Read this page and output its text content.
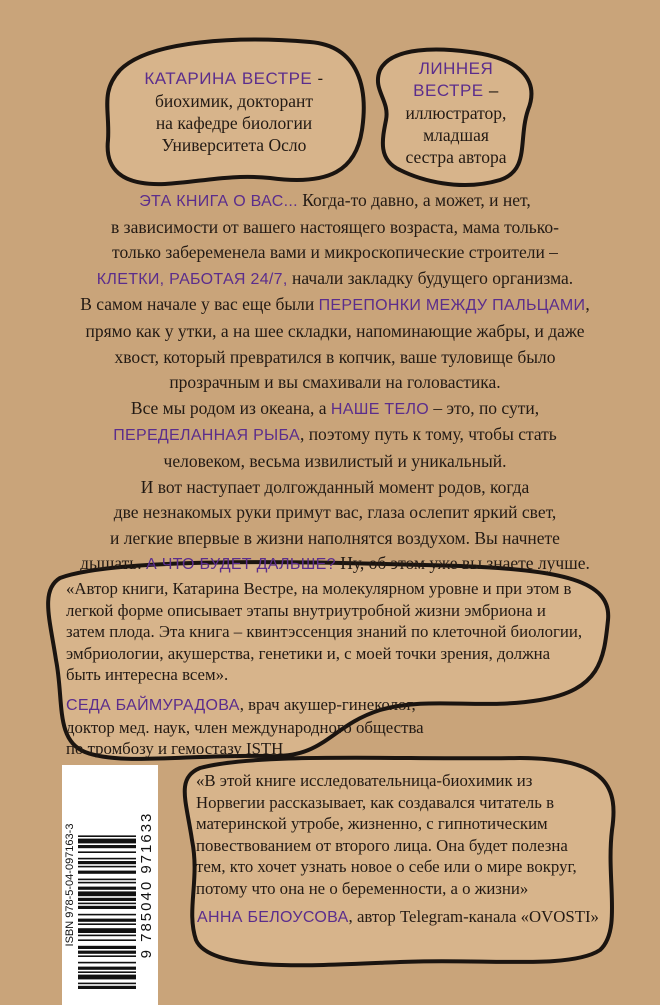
КАТАРИНА ВЕСТРЕ -
биохимик, докторант
на кафедре биологии
Университета Осло
ЛИННЕЯ
ВЕСТРЕ –
иллюстратор,
младшая
сестра автора

ЭТА КНИГА О ВАС... Когда-то давно, а может, и нет,

в зависимости от вашего настоящего возраста, мама только-

только забеременела вами и микроскопические строители –

КЛЕТКИ, РАБОТАЯ 24/7, начали закладку будущего организма.

В самом начале у вас еще были ПЕРЕПОНКИ МЕЖДУ ПАЛЬЦАМИ,

прямо как у утки, а на шее складки, напоминающие жабры, и даже

хвост, который превратился в копчик, ваше туловище было

прозрачным и вы смахивали на головастика.

Все мы родом из океана, а НАШЕ ТЕЛО – это, по сути,

ПЕРЕДЕЛАННАЯ РЫБА, поэтому путь к тому, чтобы стать

человеком, весьма извилистый и уникальный.

И вот наступает долгожданный момент родов, когда

две незнакомых руки примут вас, глаза ослепит яркий свет,

и легкие впервые в жизни наполнятся воздухом. Вы начнете

дышать. А ЧТО БУДЕТ ДАЛЬШЕ? Ну, об этом уже вы знаете лучше.

«Автор книги, Катарина Вестре, на молекулярном уровне и при этом в легкой форме описывает этапы внутриутробной жизни эмбриона и затем плода. Эта книга – квинтэссенция знаний по клеточной биологии, эмбриологии, акушерства, генетики и, с моей точки зрения, должна быть интересна всем».

СЕДА БАЙМУРАДОВА, врач акушер-гинеколог,

доктор мед. наук, член международного общества

по тромбозу и гемостазу ISTH

«В этой книге исследовательница-биохимик из Норвегии рассказывает, как создавался читатель в материнской утробе, жизненно, с гипнотическим повествованием от второго лица. Она будет полезна тем, кто хочет узнать новое о себе или о мире вокруг, потому что она не о беременности, а о жизни»

АННА БЕЛОУСОВА, автор Telegram-канала «OVOSTI»

ISBN 978-5-04-097163-3	9 785040 971633
